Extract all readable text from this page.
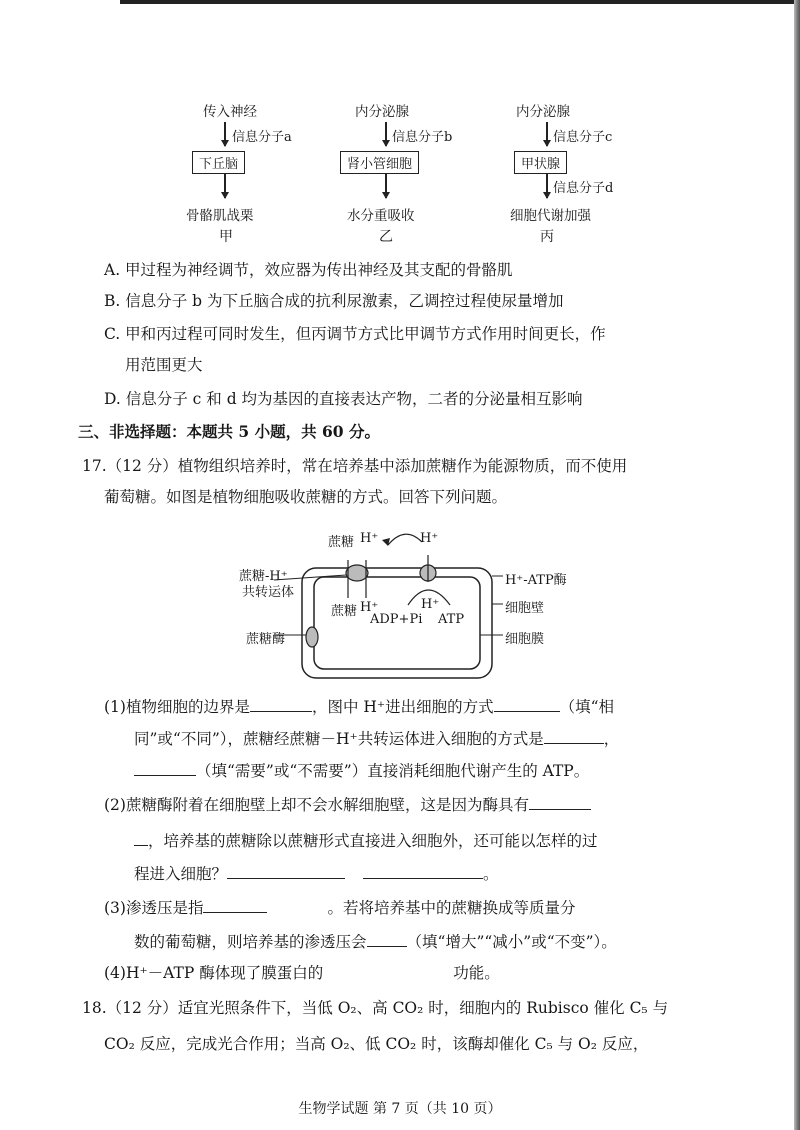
传入神经
信息分子a
下丘脑
骨骼肌战栗
甲
内分泌腺
信息分子b
肾小管细胞
水分重吸收
乙
内分泌腺
信息分子c
甲状腺
信息分子d
细胞代谢加强
丙
A. 甲过程为神经调节，效应器为传出神经及其支配的骨骼肌
B. 信息分子 b 为下丘脑合成的抗利尿激素，乙调控过程使尿量增加
C. 甲和丙过程可同时发生，但丙调节方式比甲调节方式作用时间更长，作
用范围更大
D. 信息分子 c 和 d 均为基因的直接表达产物，二者的分泌量相互影响
三、非选择题：本题共 5 小题，共 60 分。
17.（12 分）植物组织培养时，常在培养基中添加蔗糖作为能源物质，而不使用
葡萄糖。如图是植物细胞吸收蔗糖的方式。回答下列问题。
蔗糖 H⁺	H⁺
蔗糖-H⁺
共转运体
H⁺-ATP酶
细胞壁
细胞膜
蔗糖酶
蔗糖 H⁺	H⁺
ADP+Pi ATP
(1)植物细胞的边界是	，图中 H⁺进出细胞的方式	（填“相
同”或“不同”），蔗糖经蔗糖－H⁺共转运体进入细胞的方式是	，
（填“需要”或“不需要”）直接消耗细胞代谢产生的 ATP。
(2)蔗糖酶附着在细胞壁上却不会水解细胞壁，这是因为酶具有
，培养基的蔗糖除以蔗糖形式直接进入细胞外，还可能以怎样的过
程进入细胞？	。
(3)渗透压是指	。若将培养基中的蔗糖换成等质量分
数的葡萄糖，则培养基的渗透压会	（填“增大”“减小”或“不变”）。
(4)H⁺－ATP 酶体现了膜蛋白的	功能。
18.（12 分）适宜光照条件下，当低 O₂、高 CO₂ 时，细胞内的 Rubisco 催化 C₅ 与
CO₂ 反应，完成光合作用；当高 O₂、低 CO₂ 时，该酶却催化 C₅ 与 O₂ 反应，
生物学试题 第 7 页（共 10 页）
